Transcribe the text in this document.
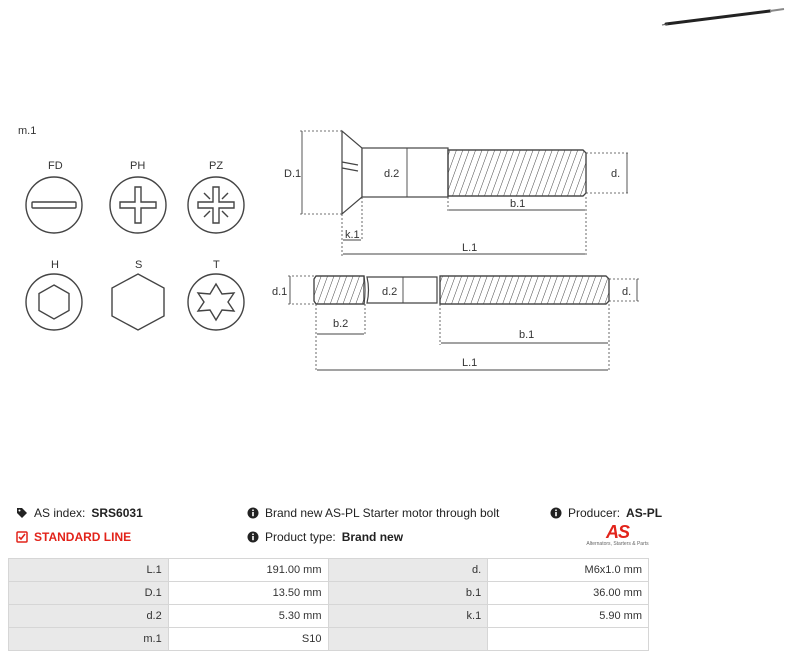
m.1
FD	PH	PZ
H	S	T
D.1	d.2	d.
b.1
k.1
L.1
d.1	d.2	d.
b.2
b.1
L.1
AS index: SRS6031
STANDARD LINE
Brand new AS-PL Starter motor through bolt
Product type: Brand new
Producer: AS-PL
AS
Alternators, Starters & Parts
L.1	191.00 mm	d.	M6x1.0 mm
D.1	13.50 mm	b.1	36.00 mm
d.2	5.30 mm	k.1	5.90 mm
m.1	S10		
